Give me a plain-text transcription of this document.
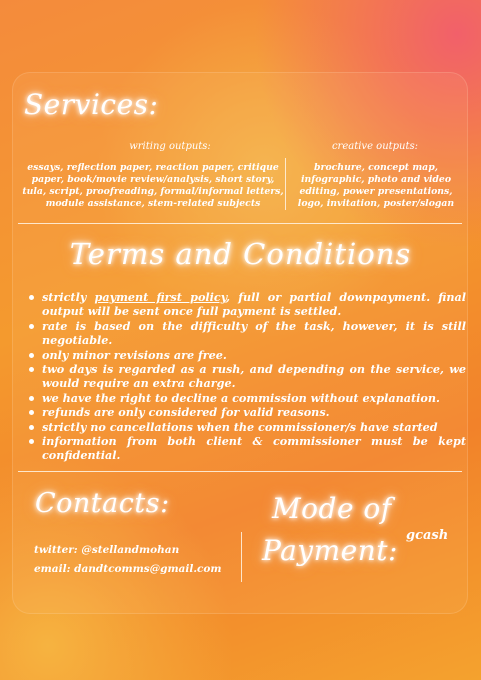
Services:
writing outputs:	creative outputs:
essays, reflection paper, reaction paper, critique paper, book/movie review/analysis, short story, tula, script, proofreading, formal/informal letters, module assistance, stem-related subjects
brochure, concept map, infographic, photo and video editing, power presentations, logo, invitation, poster/slogan
Terms and Conditions
strictly payment first policy, full or partial downpayment. final output will be sent once full payment is settled.
rate is based on the difficulty of the task, however, it is still negotiable.
only minor revisions are free.
two days is regarded as a rush, and depending on the service, we would require an extra charge.
we have the right to decline a commission without explanation.
refunds are only considered for valid reasons.
strictly no cancellations when the commissioner/s have started
information from both client & commissioner must be kept confidential.
Contacts:
twitter: @stellandmohan
email: dandtcomms@gmail.com
Mode of
Payment: gcash
